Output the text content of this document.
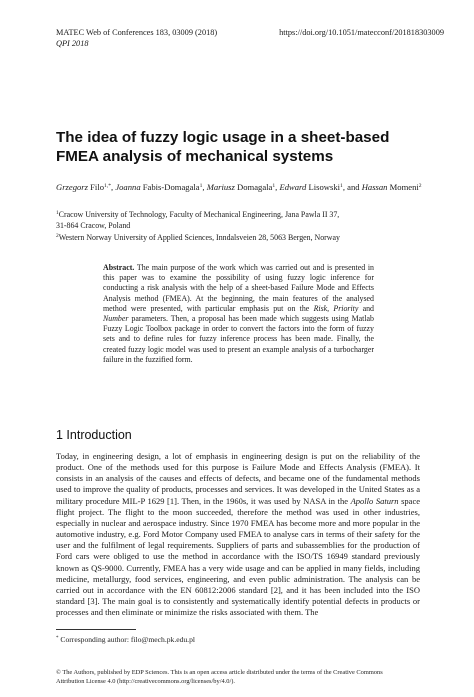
MATEC Web of Conferences 183, 03009 (2018)
QPI 2018
https://doi.org/10.1051/matecconf/201818303009
The idea of fuzzy logic usage in a sheet-based FMEA analysis of mechanical systems
Grzegorz Filo$^{1,*}$, Joanna Fabis-Domagala$^1$, Mariusz Domagala$^1$, Edward Lisowski$^1$, and Hassan Momeni$^2$

$^1$Cracow University of Technology, Faculty of Mechanical Engineering, Jana Pawla II 37,

31-864 Cracow, Poland

$^2$Western Norway University of Applied Sciences, Inndalsveien 28, 5063 Bergen, Norway

Abstract. The main purpose of the work which was carried out and is presented in this paper was to examine the possibility of using fuzzy logic inference for conducting a risk analysis with the help of a sheet-based Failure Mode and Effects Analysis method (FMEA). At the beginning, the main features of the analysed method were presented, with particular emphasis put on the Risk, Priority and Number parameters. Then, a proposal has been made which suggests using Matlab Fuzzy Logic Toolbox package in order to convert the factors into the form of fuzzy sets and to define rules for fuzzy inference process has been made. Finally, the created fuzzy logic model was used to present an example analysis of a turbocharger failure in the fuzzified form.

1 Introduction

Today, in engineering design, a lot of emphasis in engineering design is put on the reliability of the product. One of the methods used for this purpose is Failure Mode and Effects Analysis (FMEA). It consists in an analysis of the causes and effects of defects, and became one of the fundamental methods used to improve the quality of products, processes and services. It was developed in the United States as a military procedure MIL-P 1629 [1]. Then, in the 1960s, it was used by NASA in the Apollo Saturn space flight project. The flight to the moon succeeded, therefore the method was used in other industries, especially in nuclear and aerospace industry. Since 1970 FMEA has become more and more popular in the automotive industry, e.g. Ford Motor Company used FMEA to analyse cars in terms of their safety for the user and the fulfilment of legal requirements. Suppliers of parts and subassemblies for the production of Ford cars were obliged to use the method in accordance with the ISO/TS 16949 standard previously known as QS-9000. Currently, FMEA has a very wide usage and can be applied in many fields, including medicine, metallurgy, food services, engineering, and even public administration. The analysis can be carried out in accordance with the EN 60812:2006 standard [2], and it has been included into the ISO standard [3]. The main goal is to consistently and systematically identify potential defects in products or processes and then eliminate or minimize the risks associated with them. The

* Corresponding author: filo@mech.pk.edu.pl

© The Authors, published by EDP Sciences. This is an open access article distributed under the terms of the Creative Commons
Attribution License 4.0 (http://creativecommons.org/licenses/by/4.0/).
